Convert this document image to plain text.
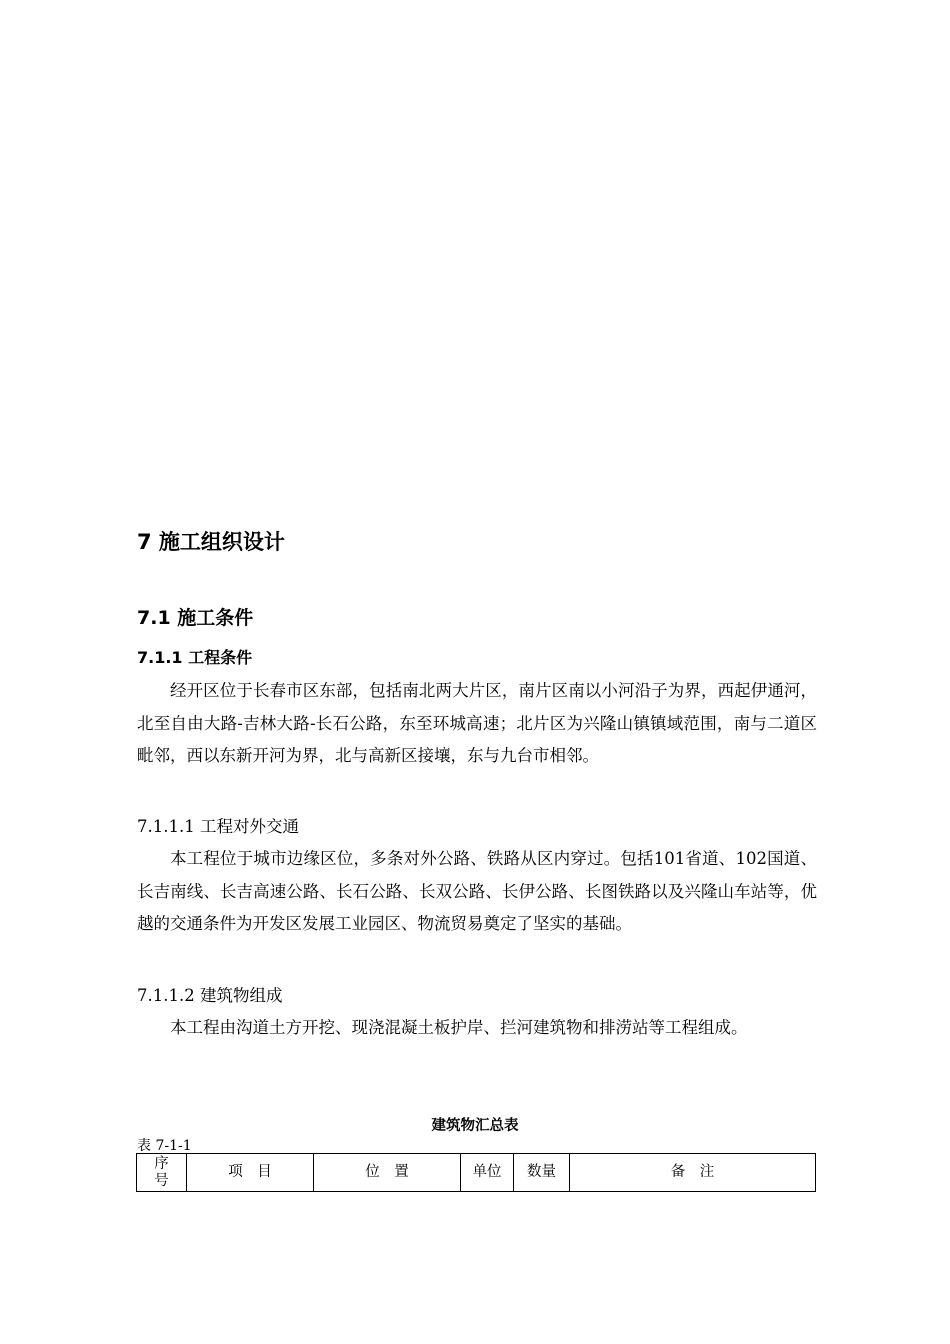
7 施工组织设计
7.1 施工条件
7.1.1 工程条件

经开区位于长春市区东部，包括南北两大片区，南片区南以小河沿子为界，西起伊通河，北至自由大路-吉林大路-长石公路，东至环城高速；北片区为兴隆山镇镇域范围，南与二道区毗邻，西以东新开河为界，北与高新区接壤，东与九台市相邻。

7.1.1.1 工程对外交通

本工程位于城市边缘区位，多条对外公路、铁路从区内穿过。包括101省道、102国道、长吉南线、长吉高速公路、长石公路、长双公路、长伊公路、长图铁路以及兴隆山车站等，优越的交通条件为开发区发展工业园区、物流贸易奠定了坚实的基础。

7.1.1.2 建筑物组成

本工程由沟道土方开挖、现浇混凝土板护岸、拦河建筑物和排涝站等工程组成。

建筑物汇总表
表 7-1-1
序
号
	项　目	位　置	单位	数量	备　注
